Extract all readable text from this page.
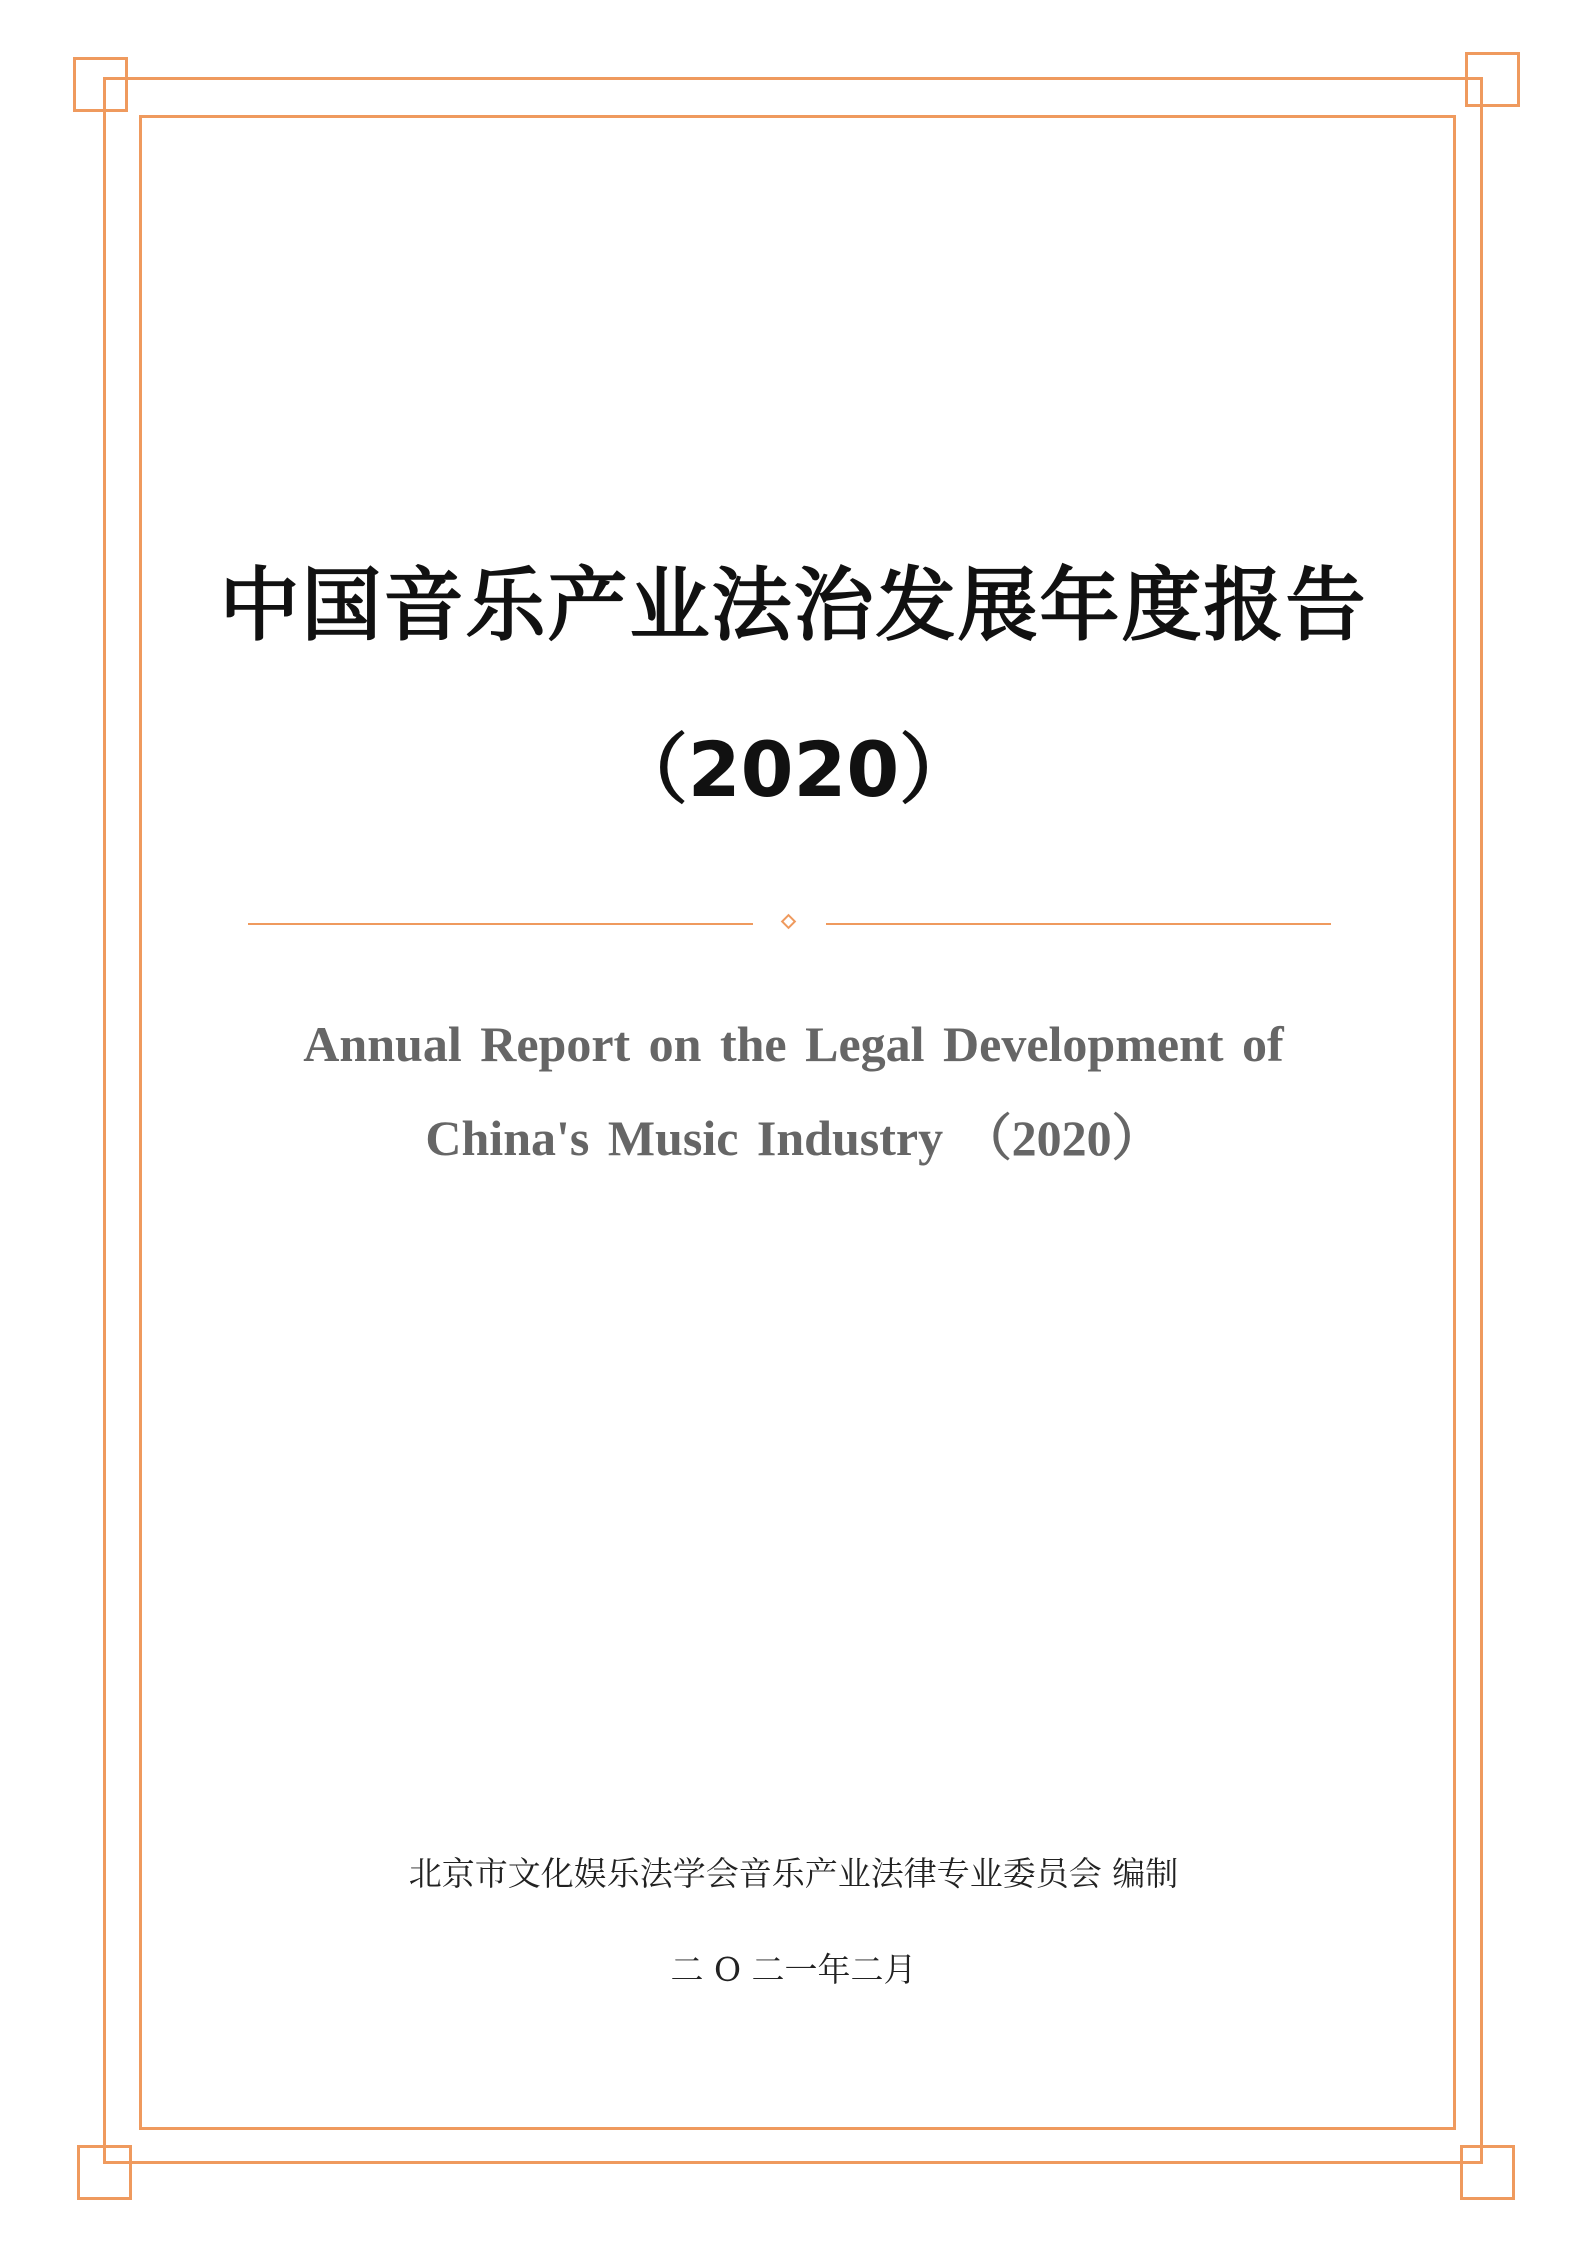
中国音乐产业法治发展年度报告
（2020）
Annual Report on the Legal Development of
China's Music Industry （2020）
北京市文化娱乐法学会音乐产业法律专业委员会 编制
二 O 二一年二月
